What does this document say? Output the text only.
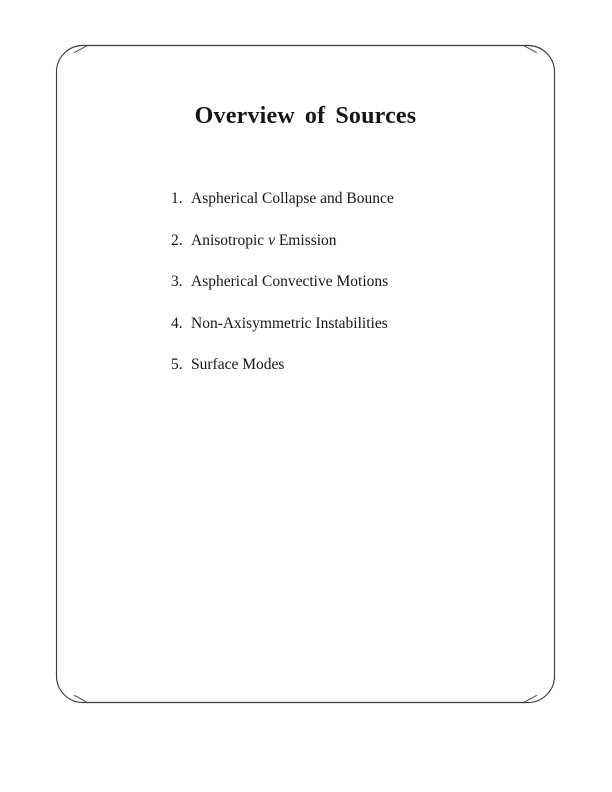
Overview of Sources
1. Aspherical Collapse and Bounce
2. Anisotropic ν Emission
3. Aspherical Convective Motions
4. Non-Axisymmetric Instabilities
5. Surface Modes
